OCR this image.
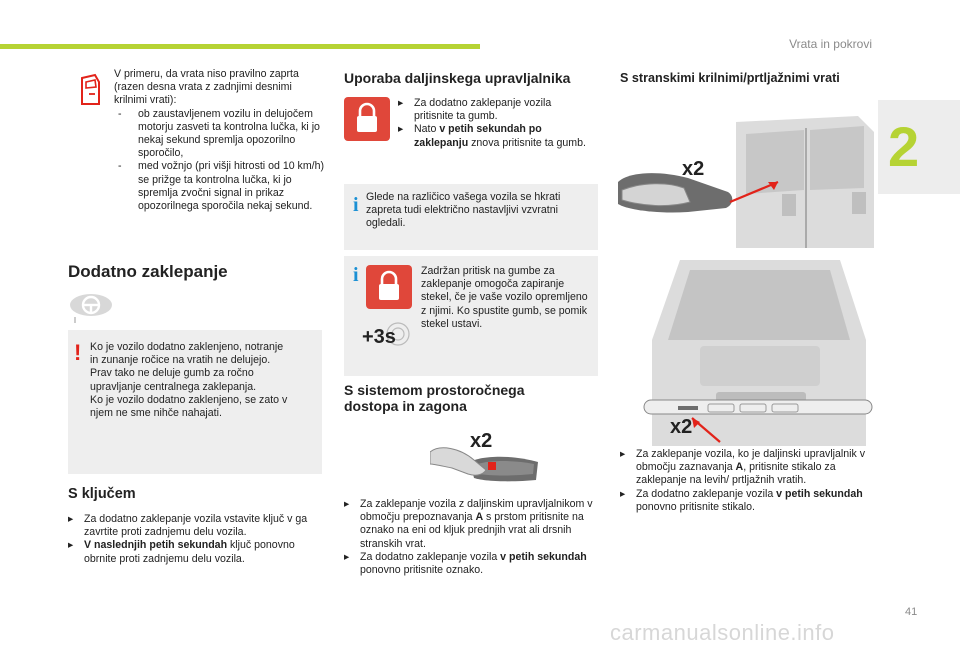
Vrata in pokrovi
2
41
carmanualsonline.info
V primeru, da vrata niso pravilno zaprta (razen desna vrata z zadnjimi desnimi krilnimi vrati):
-	ob zaustavljenem vozilu in delujočem motorju zasveti ta kontrolna lučka, ki jo nekaj sekund spremlja opozorilno sporočilo,
-	med vožnjo (pri višji hitrosti od 10 km/h) se prižge ta kontrolna lučka, ki jo spremlja zvočni signal in prikaz opozorilnega sporočila nekaj sekund.
Dodatno zaklepanje
! Ko je vozilo dodatno zaklenjeno, notranje
in zunanje ročice na vratih ne delujejo.
Prav tako ne deluje gumb za ročno
upravljanje centralnega zaklepanja.
Ko je vozilo dodatno zaklenjeno, se zato v
njem ne sme nihče nahajati.
S ključem
▸	Za dodatno zaklepanje vozila vstavite ključ v ga zavrtite proti zadnjemu delu vozila.
▸	V naslednjih petih sekundah ključ ponovno obrnite proti zadnjemu delu vozila.
Uporaba daljinskega upravljalnika
▸	Za dodatno zaklepanje vozila pritisnite ta gumb.
▸	Nato v petih sekundah po zaklepanju znova pritisnite ta gumb.
i Glede na različico vašega vozila se hkrati zapreta tudi električno nastavljivi vzvratni ogledali.
i
+3s
Zadržan pritisk na gumbe za zaklepanje omogoča zapiranje stekel, če je vaše vozilo opremljeno z njimi. Ko spustite gumb, se pomik stekel ustavi.
S sistemom prostoročnega
dostopa in zagona
x2
▸	Za zaklepanje vozila z daljinskim upravljalnikom v območju prepoznavanja A s prstom pritisnite na oznako na eni od kljuk prednjih vrat ali drsnih stranskih vrat.
▸	Za dodatno zaklepanje vozila v petih sekundah ponovno pritisnite oznako.
S stranskimi krilnimi/prtljažnimi vrati
x2
x2
▸	Za zaklepanje vozila, ko je daljinski upravljalnik v območju zaznavanja A, pritisnite stikalo za zaklepanje na levih/ prtljažnih vratih.
▸	Za dodatno zaklepanje vozila v petih sekundah ponovno pritisnite stikalo.
